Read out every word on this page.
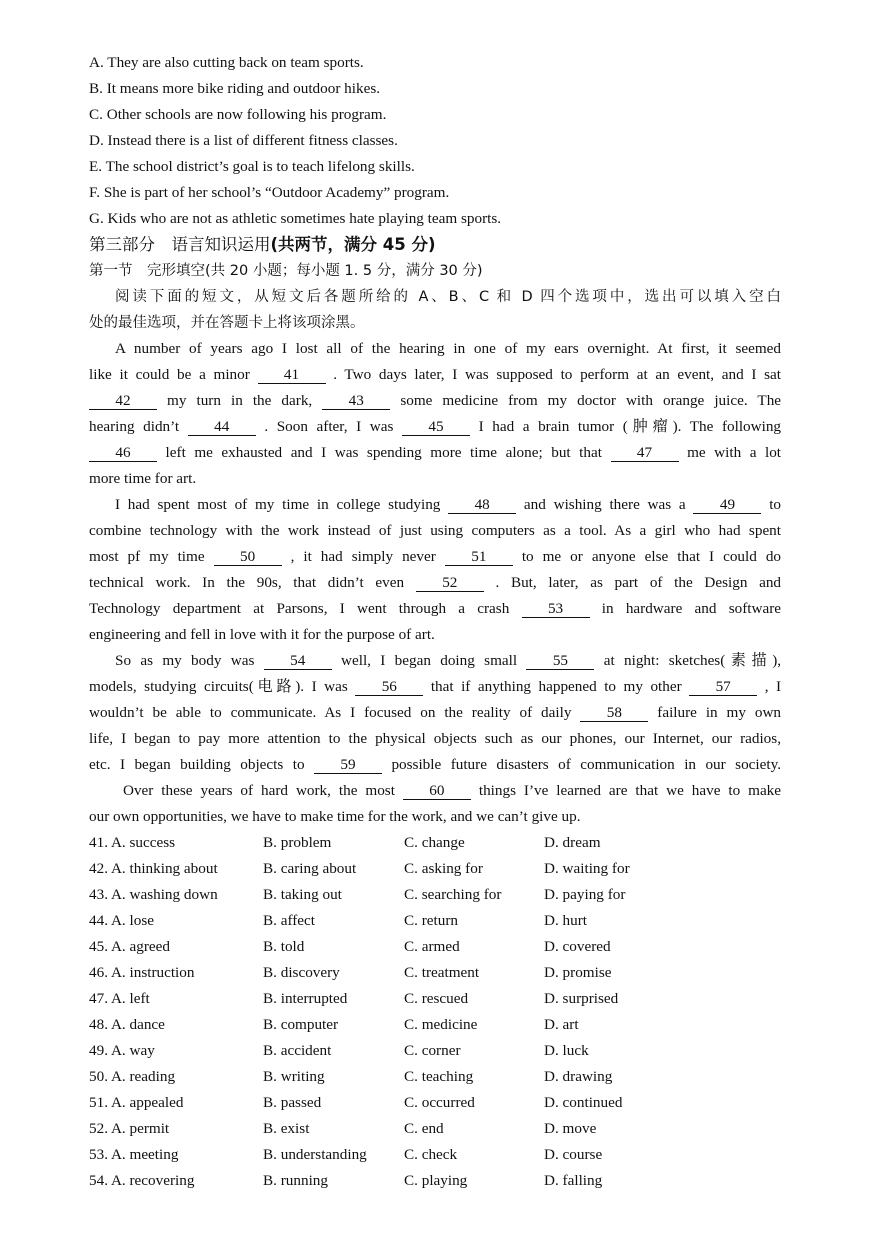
A. They are also cutting back on team sports.
B. It means more bike riding and outdoor hikes.
C. Other schools are now following his program.
D. Instead there is a list of different fitness classes.
E. The school district’s goal is to teach lifelong skills.
F. She is part of her school’s “Outdoor Academy” program.
G. Kids who are not as athletic sometimes hate playing team sports.
第三部分　语言知识运用(共两节，满分 45 分)
第一节　完形填空(共 20 小题；每小题 1. 5 分，满分 30 分)
阅读下面的短文，从短文后各题所给的 A、B、C 和 D 四个选项中，选出可以填入空白
处的最佳选项，并在答题卡上将该项涂黑。
A number of years ago I lost all of the hearing in one of my ears overnight. At first, it seemed
like it could be a minor 41 . Two days later, I was supposed to perform at an event, and I sat
42 my turn in the dark, 43 some medicine from my doctor with orange juice. The
hearing didn’t 44 . Soon after, I was 45 I had a brain tumor (肿瘤). The following
46 left me exhausted and I was spending more time alone; but that 47 me with a lot
more time for art.
I had spent most of my time in college studying 48 and wishing there was a 49 to
combine technology with the work instead of just using computers as a tool. As a girl who had spent
most pf my time 50 , it had simply never 51 to me or anyone else that I could do
technical work. In the 90s, that didn’t even	52	. But, later, as part of the Design and
Technology department at Parsons, I went through a crash	53	in hardware and software
engineering and fell in love with it for the purpose of art.
So as my body was 54 well, I began doing small 55 at night: sketches(素描),
models, studying circuits(电路). I was 56 that if anything happened to my other 57 , I
wouldn’t be able to communicate. As I focused on the reality of daily 58 failure in my own
life, I began to pay more attention to the physical objects such as our phones, our Internet, our radios,
etc. I began building objects to 59 possible future disasters of communication in our society.
Over these years of hard work, the most 60 things I’ve learned are that we have to make
our own opportunities, we have to make time for the work, and we can’t give up.
41. A. success	B. problem	C. change	D. dream
42. A. thinking about	B. caring about	C. asking for	D. waiting for
43. A. washing down	B. taking out	C. searching for	D. paying for
44. A. lose	B. affect	C. return	D. hurt
45. A. agreed	B. told	C. armed	D. covered
46. A. instruction	B. discovery	C. treatment	D. promise
47. A. left	B. interrupted	C. rescued	D. surprised
48. A. dance	B. computer	C. medicine	D. art
49. A. way	B. accident	C. corner	D. luck
50. A. reading	B. writing	C. teaching	D. drawing
51. A. appealed	B. passed	C. occurred	D. continued
52. A. permit	B. exist	C. end	D. move
53. A. meeting	B. understanding	C. check	D. course
54. A. recovering	B. running	C. playing	D. falling
